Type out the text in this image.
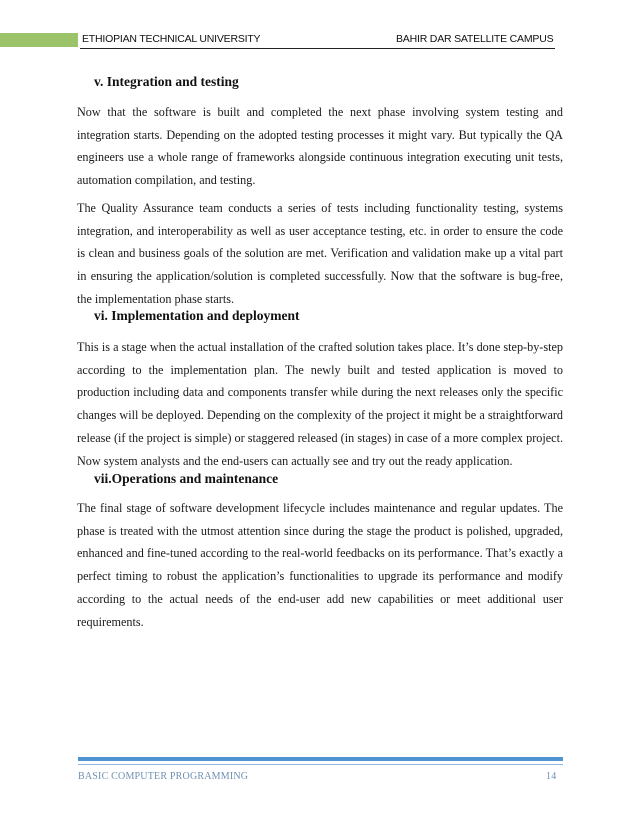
ETHIOPIAN TECHNICAL UNIVERSITY	BAHIR DAR SATELLITE CAMPUS
v. Integration and testing

Now that the software is built and completed the next phase involving system testing and integration starts. Depending on the adopted testing processes it might vary. But typically the QA engineers use a whole range of frameworks alongside continuous integration executing unit tests, automation compilation, and testing.

The Quality Assurance team conducts a series of tests including functionality testing, systems integration, and interoperability as well as user acceptance testing, etc. in order to ensure the code is clean and business goals of the solution are met. Verification and validation make up a vital part in ensuring the application/solution is completed successfully. Now that the software is bug-free, the implementation phase starts.

vi. Implementation and deployment

This is a stage when the actual installation of the crafted solution takes place. It’s done step-by-step according to the implementation plan. The newly built and tested application is moved to production including data and components transfer while during the next releases only the specific changes will be deployed. Depending on the complexity of the project it might be a straightforward release (if the project is simple) or staggered released (in stages) in case of a more complex project. Now system analysts and the end-users can actually see and try out the ready application.

vii.Operations and maintenance

The final stage of software development lifecycle includes maintenance and regular updates. The phase is treated with the utmost attention since during the stage the product is polished, upgraded, enhanced and fine-tuned according to the real-world feedbacks on its performance. That’s exactly a perfect timing to robust the application’s functionalities to upgrade its performance and modify according to the actual needs of the end-user add new capabilities or meet additional user requirements.

BASIC COMPUTER PROGRAMMING	14
